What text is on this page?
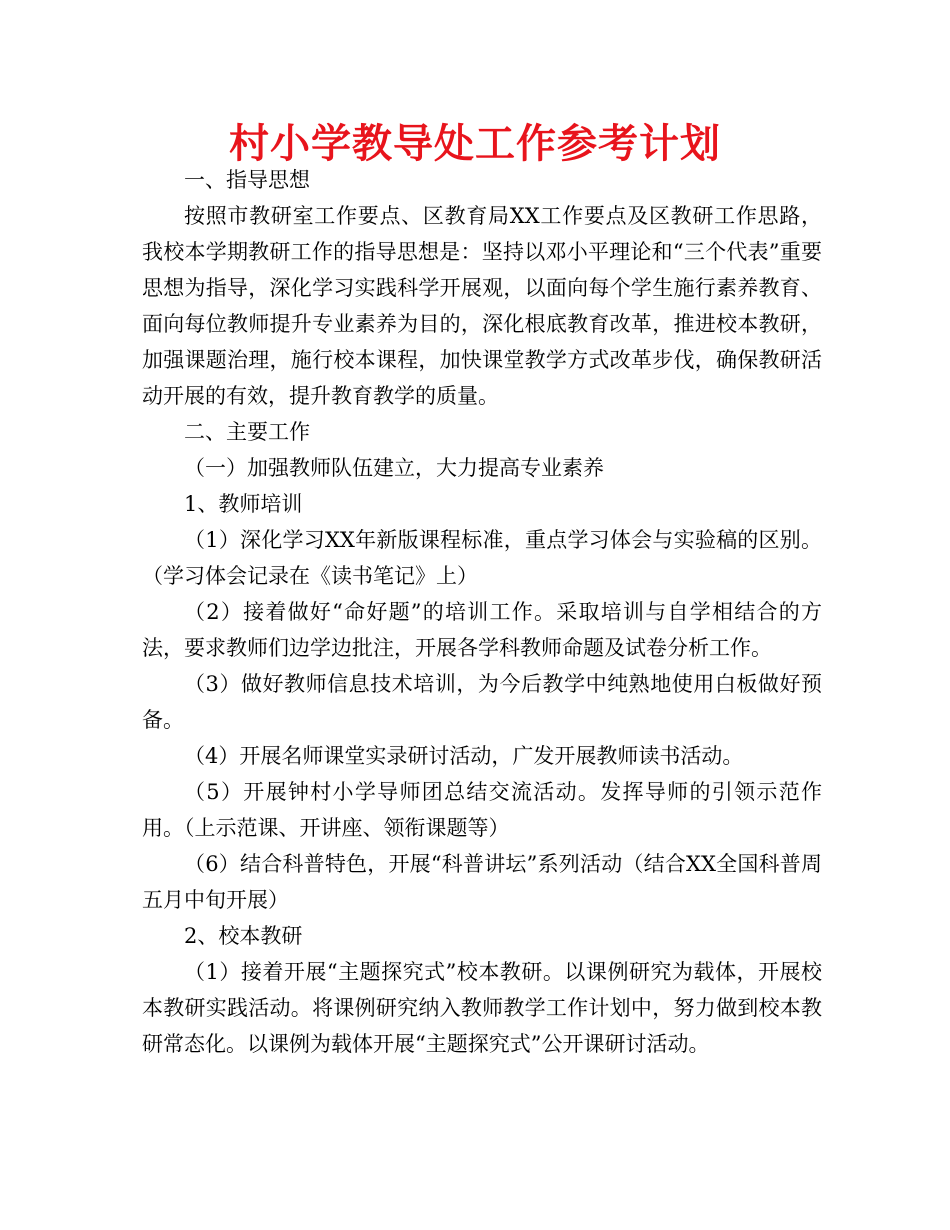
村小学教导处工作参考计划

一、指导思想

按照市教研室工作要点、区教育局XX工作要点及区教研工作思路，我校本学期教研工作的指导思想是：坚持以邓小平理论和“三个代表”重要思想为指导，深化学习实践科学开展观，以面向每个学生施行素养教育、面向每位教师提升专业素养为目的，深化根底教育改革，推进校本教研，加强课题治理，施行校本课程，加快课堂教学方式改革步伐，确保教研活动开展的有效，提升教育教学的质量。

二、主要工作

（一）加强教师队伍建立，大力提高专业素养

1、教师培训

（1）深化学习XX年新版课程标准，重点学习体会与实验稿的区别。（学习体会记录在《读书笔记》上）

（2）接着做好“命好题”的培训工作。采取培训与自学相结合的方法，要求教师们边学边批注，开展各学科教师命题及试卷分析工作。

（3）做好教师信息技术培训，为今后教学中纯熟地使用白板做好预备。

（4）开展名师课堂实录研讨活动，广发开展教师读书活动。

（5）开展钟村小学导师团总结交流活动。发挥导师的引领示范作用。（上示范课、开讲座、领衔课题等）

（6）结合科普特色，开展“科普讲坛”系列活动（结合XX全国科普周五月中旬开展）

2、校本教研

（1）接着开展“主题探究式”校本教研。以课例研究为载体，开展校本教研实践活动。将课例研究纳入教师教学工作计划中，努力做到校本教研常态化。以课例为载体开展“主题探究式”公开课研讨活动。
